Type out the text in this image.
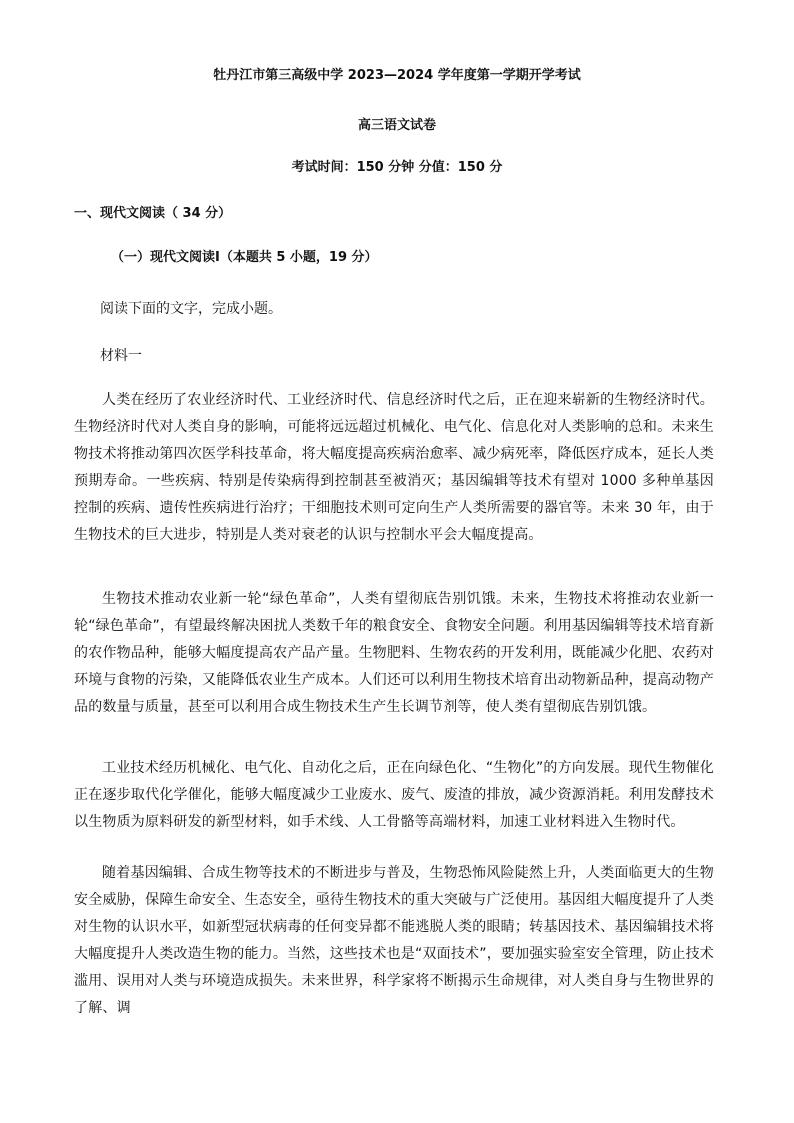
牡丹江市第三高级中学 2023—2024 学年度第一学期开学考试
高三语文试卷
考试时间：150 分钟 分值：150 分
一、现代文阅读（ 34 分）
（一）现代文阅读Ⅰ（本题共 5 小题，19 分）
阅读下面的文字，完成小题。
材料一

人类在经历了农业经济时代、工业经济时代、信息经济时代之后，正在迎来崭新的生物经济时代。生物经济时代对人类自身的影响，可能将远远超过机械化、电气化、信息化对人类影响的总和。未来生物技术将推动第四次医学科技革命，将大幅度提高疾病治愈率、减少病死率，降低医疗成本，延长人类预期寿命。一些疾病、特别是传染病得到控制甚至被消灭；基因编辑等技术有望对 1000 多种单基因控制的疾病、遗传性疾病进行治疗；干细胞技术则可定向生产人类所需要的器官等。未来 30 年，由于生物技术的巨大进步，特别是人类对衰老的认识与控制水平会大幅度提高。

生物技术推动农业新一轮“绿色革命”，人类有望彻底告别饥饿。未来，生物技术将推动农业新一轮“绿色革命”，有望最终解决困扰人类数千年的粮食安全、食物安全问题。利用基因编辑等技术培育新的农作物品种，能够大幅度提高农产品产量。生物肥料、生物农药的开发利用，既能减少化肥、农药对环境与食物的污染，又能降低农业生产成本。人们还可以利用生物技术培育出动物新品种，提高动物产品的数量与质量，甚至可以利用合成生物技术生产生长调节剂等，使人类有望彻底告别饥饿。

工业技术经历机械化、电气化、自动化之后，正在向绿色化、“生物化”的方向发展。现代生物催化正在逐步取代化学催化，能够大幅度减少工业废水、废气、废渣的排放，减少资源消耗。利用发酵技术以生物质为原料研发的新型材料，如手术线、人工骨骼等高端材料，加速工业材料进入生物时代。

随着基因编辑、合成生物等技术的不断进步与普及，生物恐怖风险陡然上升，人类面临更大的生物安全威胁，保障生命安全、生态安全，亟待生物技术的重大突破与广泛使用。基因组大幅度提升了人类对生物的认识水平，如新型冠状病毒的任何变异都不能逃脱人类的眼睛；转基因技术、基因编辑技术将大幅度提升人类改造生物的能力。当然，这些技术也是“双面技术”，要加强实验室安全管理，防止技术滥用、误用对人类与环境造成损失。未来世界，科学家将不断揭示生命规律，对人类自身与生物世界的了解、调
